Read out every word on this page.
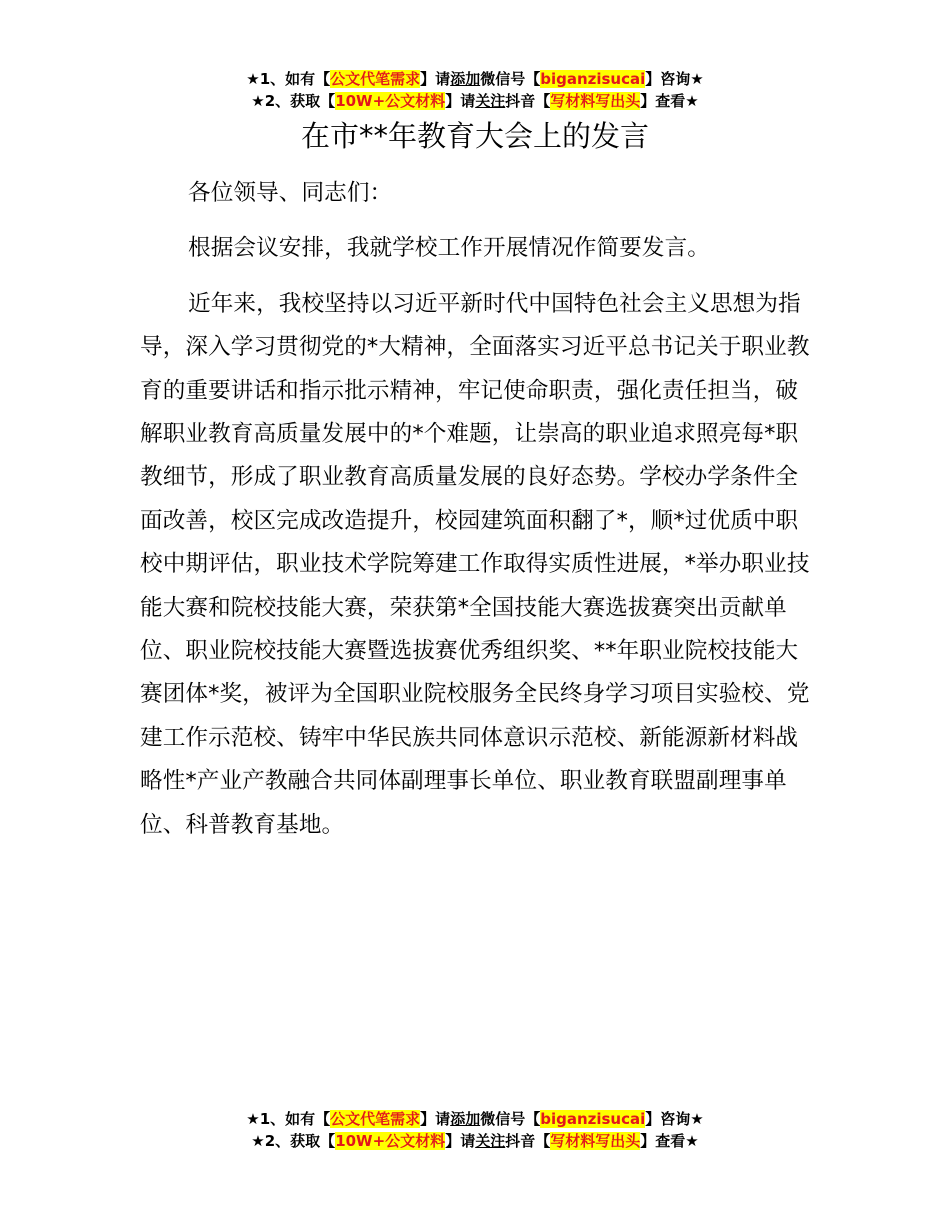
★1、如有【公文代笔需求】请添加微信号【biganzisucai】咨询★
★2、获取【10W+公文材料】请关注抖音【写材料写出头】查看★
在市**年教育大会上的发言

各位领导、同志们：

根据会议安排，我就学校工作开展情况作简要发言。

近年来，我校坚持以习近平新时代中国特色社会主义思想为指导，深入学习贯彻党的*大精神，全面落实习近平总书记关于职业教育的重要讲话和指示批示精神，牢记使命职责，强化责任担当，破解职业教育高质量发展中的*个难题，让崇高的职业追求照亮每*职教细节，形成了职业教育高质量发展的良好态势。学校办学条件全面改善，校区完成改造提升，校园建筑面积翻了*，顺*过优质中职校中期评估，职业技术学院筹建工作取得实质性进展，*举办职业技能大赛和院校技能大赛，荣获第*全国技能大赛选拔赛突出贡献单位、职业院校技能大赛暨选拔赛优秀组织奖、**年职业院校技能大赛团体*奖，被评为全国职业院校服务全民终身学习项目实验校、党建工作示范校、铸牢中华民族共同体意识示范校、新能源新材料战略性*产业产教融合共同体副理事长单位、职业教育联盟副理事单位、科普教育基地。

★1、如有【公文代笔需求】请添加微信号【biganzisucai】咨询★
★2、获取【10W+公文材料】请关注抖音【写材料写出头】查看★
